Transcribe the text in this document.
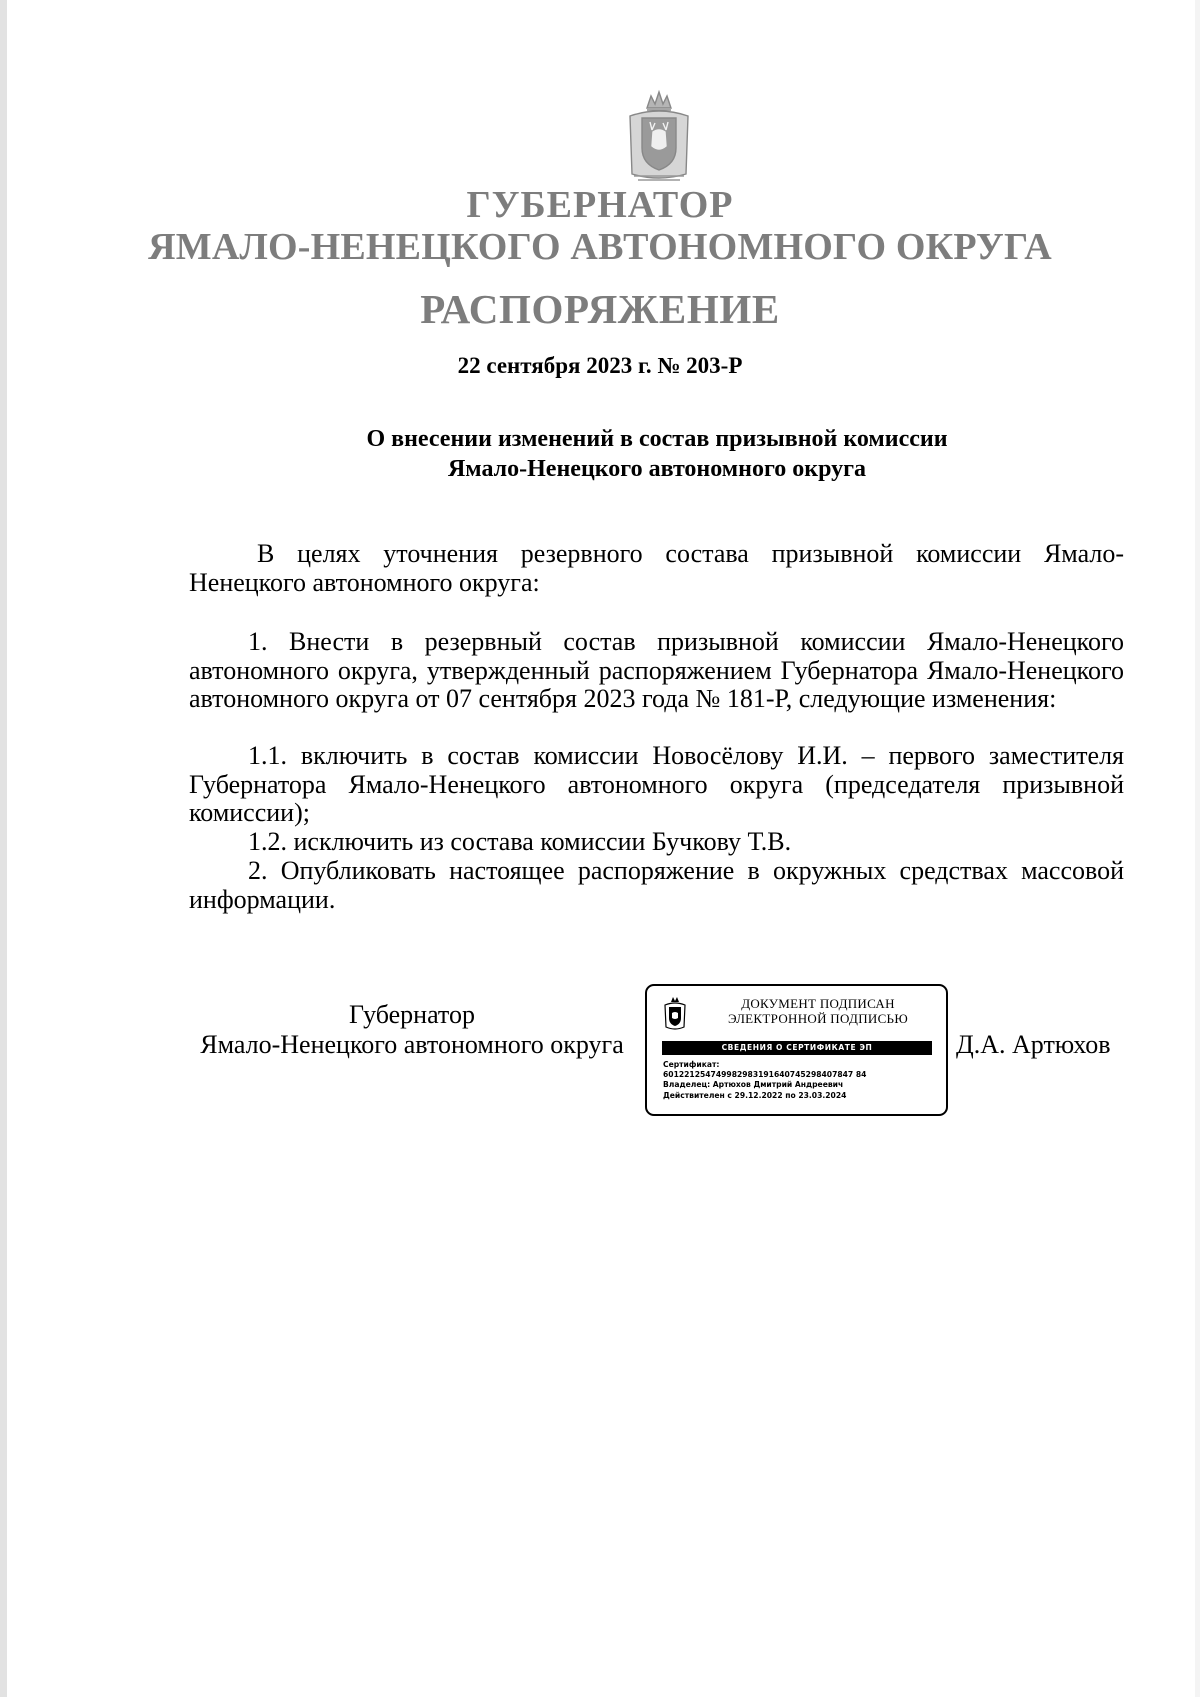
ГУБЕРНАТОР
ЯМАЛО-НЕНЕЦКОГО АВТОНОМНОГО ОКРУГА
РАСПОРЯЖЕНИЕ
22 сентября 2023 г. № 203-Р
О внесении изменений в состав призывной комиссии
Ямало-Ненецкого автономного округа
В целях уточнения резервного состава призывной комиссии Ямало-Ненецкого автономного округа:
1. Внести в резервный состав призывной комиссии Ямало-Ненецкого автономного округа, утвержденный распоряжением Губернатора Ямало-Ненецкого автономного округа от 07 сентября 2023 года № 181-Р, следующие изменения:
1.1. включить в состав комиссии Новосёлову И.И. – первого заместителя Губернатора Ямало-Ненецкого автономного округа (председателя призывной комиссии);
1.2. исключить из состава комиссии Бучкову Т.В.
2. Опубликовать настоящее распоряжение в окружных средствах массовой информации.
Губернатор
Ямало-Ненецкого автономного округа
ДОКУМЕНТ ПОДПИСАН
ЭЛЕКТРОННОЙ ПОДПИСЬЮ
СВЕДЕНИЯ О СЕРТИФИКАТЕ ЭП
Сертификат:
601221254749982983191640745298407847 84
Владелец: Артюхов Дмитрий Андреевич
Действителен с 29.12.2022 по 23.03.2024
Д.А. Артюхов
